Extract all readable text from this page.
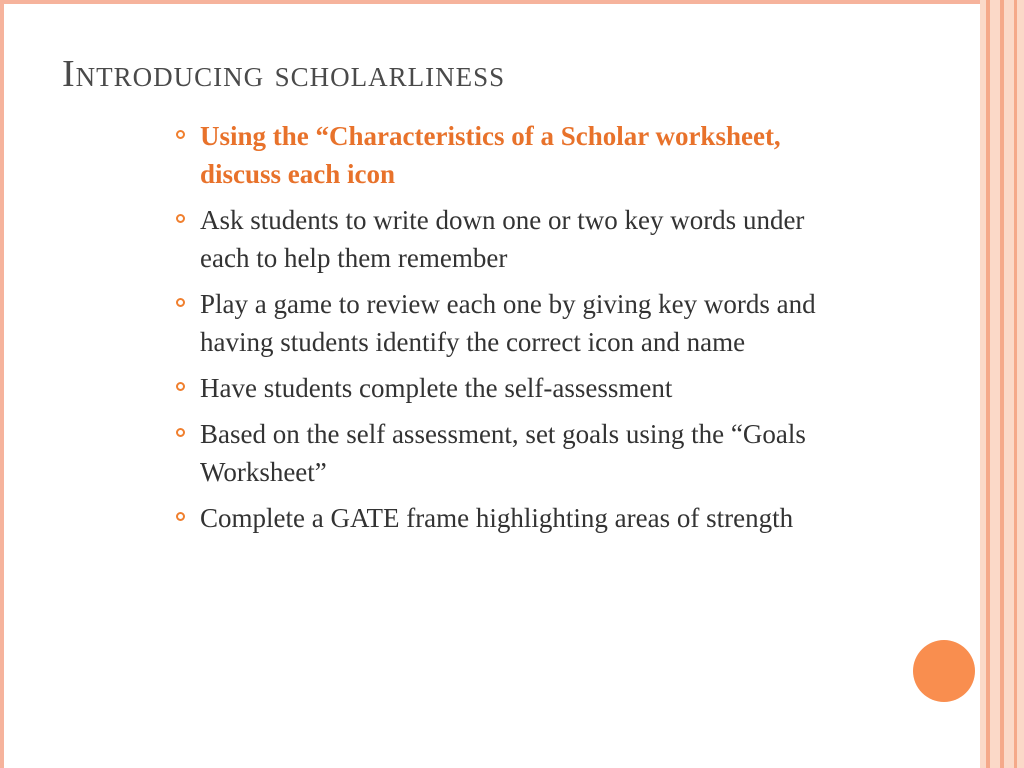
Introducing scholarliness
Using the “Characteristics of a Scholar worksheet, discuss each icon
Ask students to write down one or two key words under each to help them remember
Play a game to review each one by giving key words and having students identify the correct icon and name
Have students complete the self-assessment
Based on the self assessment, set goals using the “Goals Worksheet”
Complete a GATE frame highlighting areas of strength
